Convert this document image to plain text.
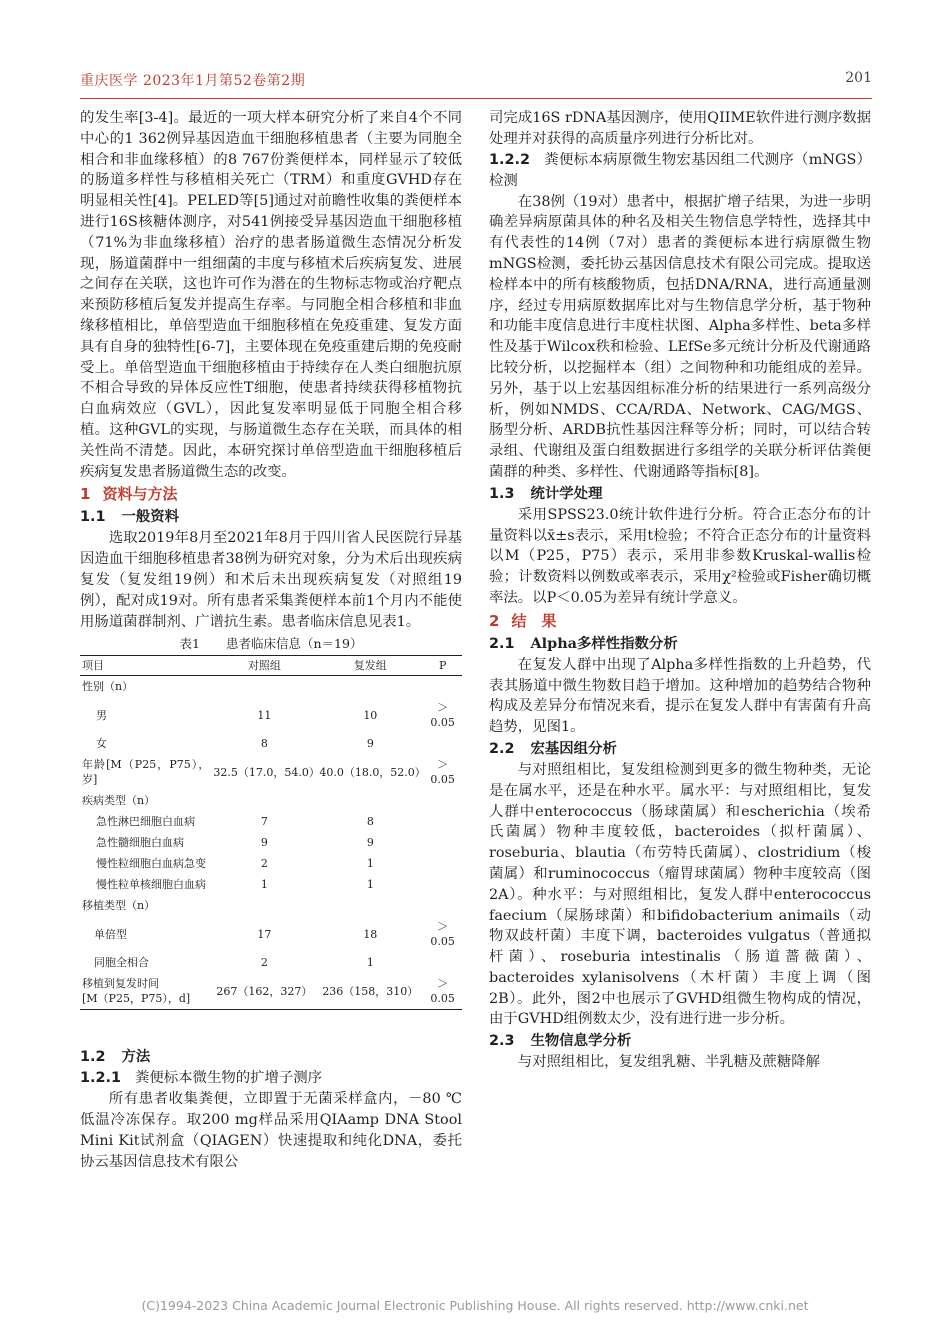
重庆医学 2023年1月第52卷第2期	201

的发生率[3-4]。最近的一项大样本研究分析了来自4个不同中心的1 362例异基因造血干细胞移植患者（主要为同胞全相合和非血缘移植）的8 767份粪便样本，同样显示了较低的肠道多样性与移植相关死亡（TRM）和重度GVHD存在明显相关性[4]。PELED等[5]通过对前瞻性收集的粪便样本进行16S核糖体测序，对541例接受异基因造血干细胞移植（71%为非血缘移植）治疗的患者肠道微生态情况分析发现，肠道菌群中一组细菌的丰度与移植术后疾病复发、进展之间存在关联，这也许可作为潜在的生物标志物或治疗靶点来预防移植后复发并提高生存率。与同胞全相合移植和非血缘移植相比，单倍型造血干细胞移植在免疫重建、复发方面具有自身的独特性[6-7]，主要体现在免疫重建后期的免疫耐受上。单倍型造血干细胞移植由于持续存在人类白细胞抗原不相合导致的异体反应性T细胞，使患者持续获得移植物抗白血病效应（GVL），因此复发率明显低于同胞全相合移植。这种GVL的实现，与肠道微生态存在关联，而具体的相关性尚不清楚。因此，本研究探讨单倍型造血干细胞移植后疾病复发患者肠道微生态的改变。

1 资料与方法
1.1 一般资料

选取2019年8月至2021年8月于四川省人民医院行异基因造血干细胞移植患者38例为研究对象，分为术后出现疾病复发（复发组19例）和术后未出现疾病复发（对照组19例），配对成19对。所有患者采集粪便样本前1个月内不能使用肠道菌群制剂、广谱抗生素。患者临床信息见表1。

表1 患者临床信息（n＝19）
项目	对照组	复发组	P
性别（n）			
男	11	10	＞0.05
女	8	9	
年龄[M（P25，P75），岁]	32.5（17.0，54.0）	40.0（18.0，52.0）	＞0.05
疾病类型（n）			
急性淋巴细胞白血病	7	8	
急性髓细胞白血病	9	9	
慢性粒细胞白血病急变	2	1	
慢性粒单核细胞白血病	1	1	
移植类型（n）			
单倍型	17	18	＞0.05
同胞全相合	2	1	

移植到复发时间
[M（P25，P75），d]	267（162，327）	236（158，310）	＞0.05
1.2 方法
1.2.1 粪便标本微生物的扩增子测序

所有患者收集粪便，立即置于无菌采样盒内，－80 ℃低温冷冻保存。取200 mg样品采用QIAamp DNA Stool Mini Kit试剂盒（QIAGEN）快速提取和纯化DNA，委托协云基因信息技术有限公

司完成16S rDNA基因测序，使用QIIME软件进行测序数据处理并对获得的高质量序列进行分析比对。

1.2.2 粪便标本病原微生物宏基因组二代测序（mNGS）检测

在38例（19对）患者中，根据扩增子结果，为进一步明确差异病原菌具体的种名及相关生物信息学特性，选择其中有代表性的14例（7对）患者的粪便标本进行病原微生物mNGS检测，委托协云基因信息技术有限公司完成。提取送检样本中的所有核酸物质，包括DNA/RNA，进行高通量测序，经过专用病原数据库比对与生物信息学分析，基于物种和功能丰度信息进行丰度柱状图、Alpha多样性、beta多样性及基于Wilcox秩和检验、LEfSe多元统计分析及代谢通路比较分析，以挖掘样本（组）之间物种和功能组成的差异。另外，基于以上宏基因组标准分析的结果进行一系列高级分析，例如NMDS、CCA/RDA、Network、CAG/MGS、肠型分析、ARDB抗性基因注释等分析；同时，可以结合转录组、代谢组及蛋白组数据进行多组学的关联分析评估粪便菌群的种类、多样性、代谢通路等指标[8]。

1.3 统计学处理

采用SPSS23.0统计软件进行分析。符合正态分布的计量资料以x̄±s表示，采用t检验；不符合正态分布的计量资料以M（P25，P75）表示，采用非参数Kruskal-wallis检验；计数资料以例数或率表示，采用χ²检验或Fisher确切概率法。以P＜0.05为差异有统计学意义。

2 结　果
2.1 Alpha多样性指数分析

在复发人群中出现了Alpha多样性指数的上升趋势，代表其肠道中微生物数目趋于增加。这种增加的趋势结合物种构成及差异分布情况来看，提示在复发人群中有害菌有升高趋势，见图1。

2.2 宏基因组分析

与对照组相比，复发组检测到更多的微生物种类，无论是在属水平，还是在种水平。属水平：与对照组相比，复发人群中enterococcus（肠球菌属）和escherichia（埃希氏菌属）物种丰度较低，bacteroides（拟杆菌属）、roseburia、blautia（布劳特氏菌属）、clostridium（梭菌属）和ruminococcus（瘤胃球菌属）物种丰度较高（图2A）。种水平：与对照组相比，复发人群中enterococcus faecium（屎肠球菌）和bifidobacterium animails（动物双歧杆菌）丰度下调，bacteroides vulgatus（普通拟杆菌）、roseburia intestinalis（肠道蔷薇菌）、bacteroides xylanisolvens（木杆菌）丰度上调（图2B）。此外，图2中也展示了GVHD组微生物构成的情况，由于GVHD组例数太少，没有进行进一步分析。

2.3 生物信息学分析

与对照组相比，复发组乳糖、半乳糖及蔗糖降解

(C)1994-2023 China Academic Journal Electronic Publishing House. All rights reserved. http://www.cnki.net
